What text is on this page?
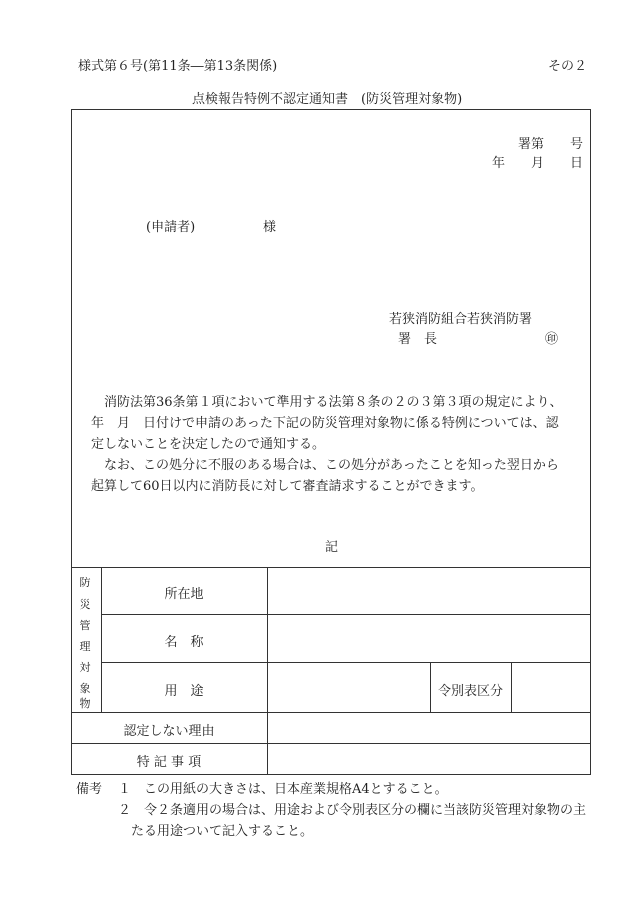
様式第６号(第11条―第13条関係)	その２
点検報告特例不認定通知書　(防災管理対象物)
署第　　号
年　　月　　日
(申請者)	様
若狭消防組合若狭消防署
署　長	㊞
消防法第36条第１項において準用する法第８条の２の３第３項の規定により、
年　月　日付けで申請のあった下記の防災管理対象物に係る特例については、認
定しないことを決定したので通知する。
なお、この処分に不服のある場合は、この処分があったことを知った翌日から
起算して60日以内に消防長に対して審査請求することができます。
記
防
災
管
理
対
象
物
所在地
名　称
用　途	令別表区分
認定しない理由
特 記 事 項
備考 １　この用紙の大きさは、日本産業規格A4とすること。
２　令２条適用の場合は、用途および令別表区分の欄に当該防災管理対象物の主
たる用途ついて記入すること。
